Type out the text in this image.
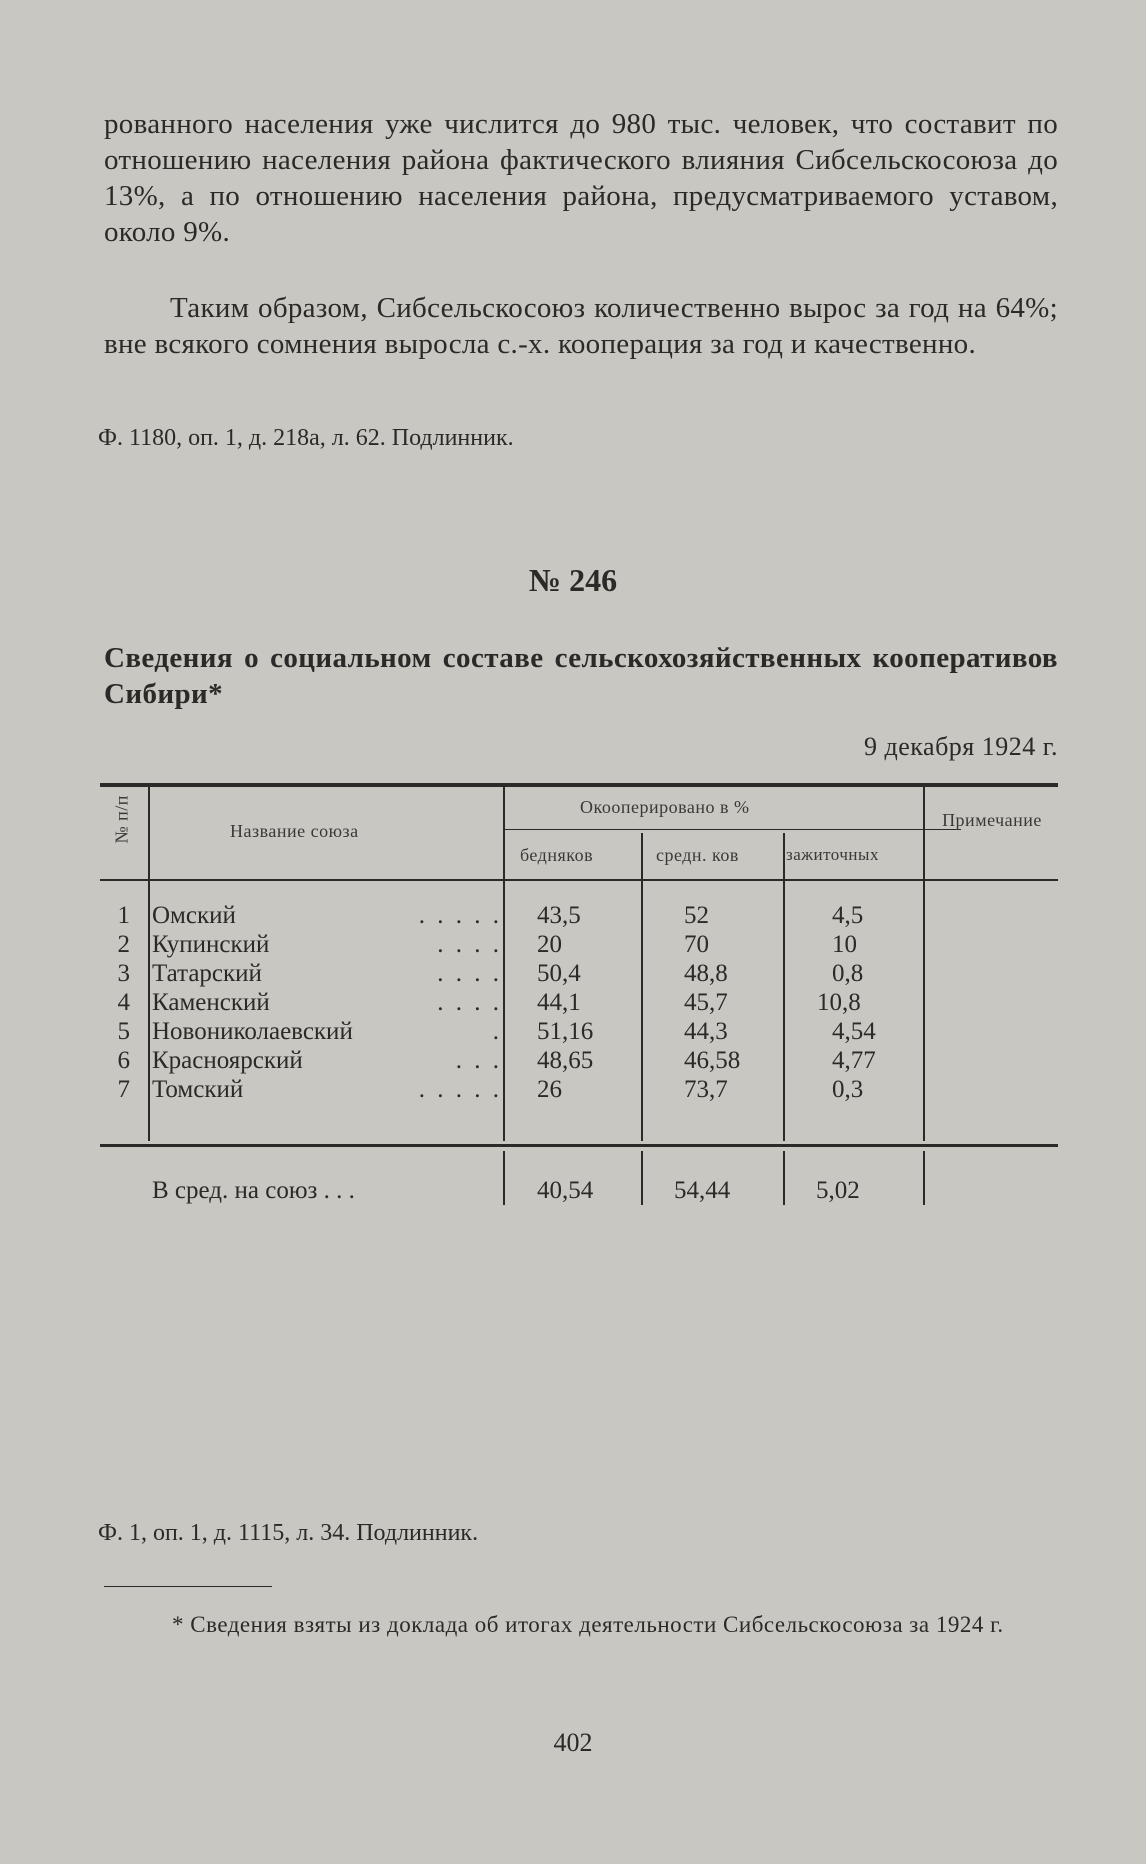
рованного населения уже числится до 980 тыс. человек, что составит по отношению населения района фактического влияния Сибсельскосоюза до 13%, а по отношению населения района, предусматриваемого уставом, около 9%.

Таким образом, Сибсельскосоюз количественно вырос за год на 64%; вне всякого сомнения выросла с.-х. кооперация за год и качественно.

Ф. 1180, оп. 1, д. 218а, л. 62. Подлинник.

№ 246

Сведения о социальном составе сельскохозяйственных кооперативов Сибири*

9 декабря 1924 г.
№ п/п	Название союза
Окооперировано в %
бедняков	средн. ков	зажиточных
Примечание
1 Омский	. . . . . 43,5	52	4,5
2 Купинский	. . . . 20	70	10
3 Татарский	. . . . 50,4	48,8	0,8
4 Каменский	. . . . 44,1	45,7	10,8
5 Новониколаевский	. 51,16	44,3	4,54
6 Красноярский	. . . 48,65	46,58	4,77
7 Томский	. . . . . 26	73,7	0,3
В сред. на союз . . .	40,54	54,44	5,02

Ф. 1, оп. 1, д. 1115, л. 34. Подлинник.

* Сведения взяты из доклада об итогах деятельности Сибсельскосоюза за 1924 г.

402
